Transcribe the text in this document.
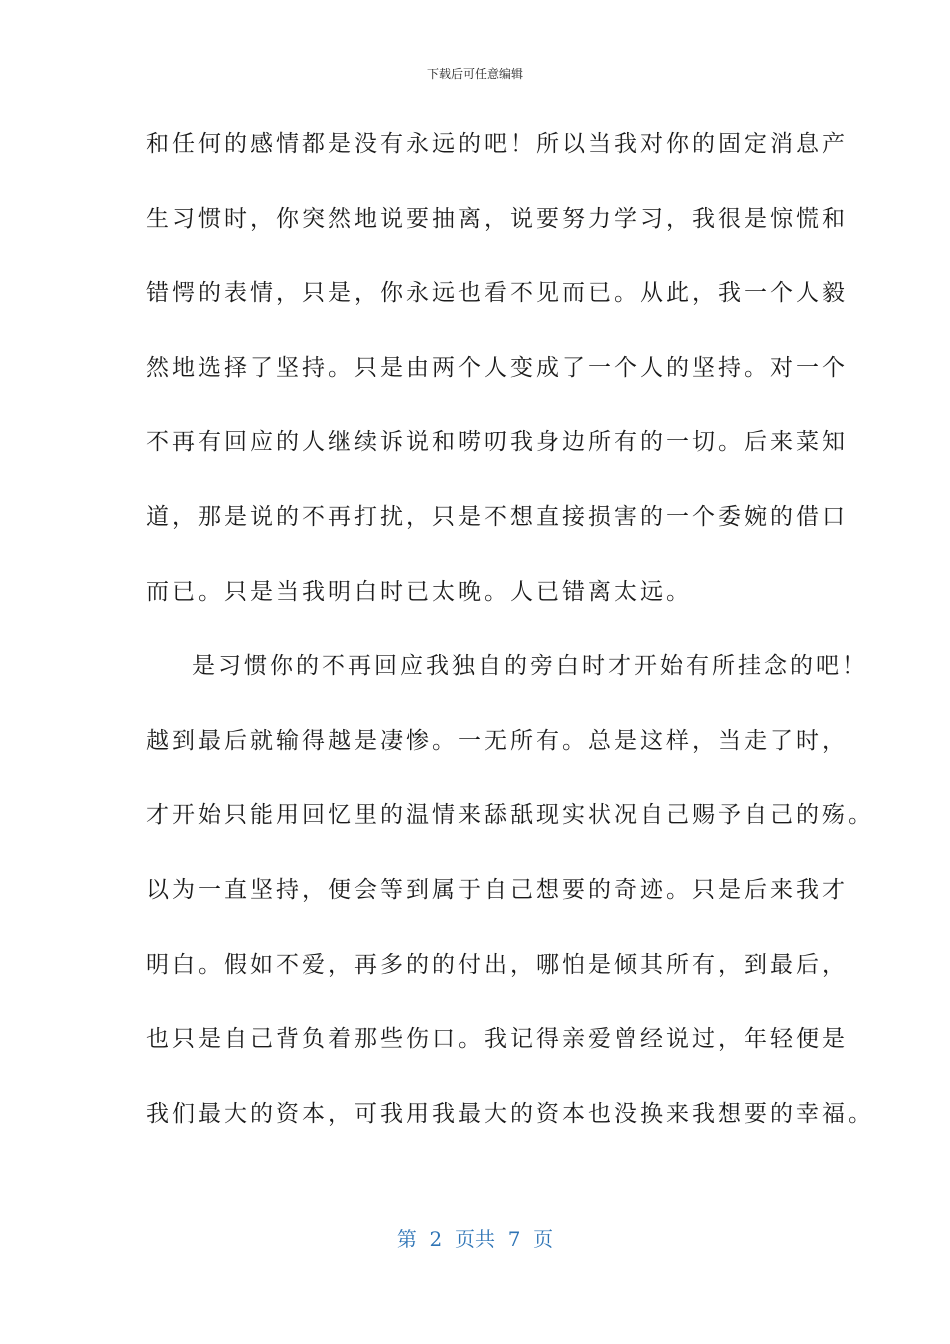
下载后可任意编辑
和任何的感情都是没有永远的吧！所以当我对你的固定消息产
生习惯时，你突然地说要抽离，说要努力学习，我很是惊慌和
错愕的表情，只是，你永远也看不见而已。从此，我一个人毅
然地选择了坚持。只是由两个人变成了一个人的坚持。对一个
不再有回应的人继续诉说和唠叨我身边所有的一切。后来菜知
道，那是说的不再打扰，只是不想直接损害的一个委婉的借口
而已。只是当我明白时已太晚。人已错离太远。
是习惯你的不再回应我独自的旁白时才开始有所挂念的吧！
越到最后就输得越是凄惨。一无所有。总是这样，当走了时，
才开始只能用回忆里的温情来舔舐现实状况自己赐予自己的殇。
以为一直坚持，便会等到属于自己想要的奇迹。只是后来我才
明白。假如不爱，再多的的付出，哪怕是倾其所有，到最后，
也只是自己背负着那些伤口。我记得亲爱曾经说过，年轻便是
我们最大的资本，可我用我最大的资本也没换来我想要的幸福。
第  2  页共  7  页
